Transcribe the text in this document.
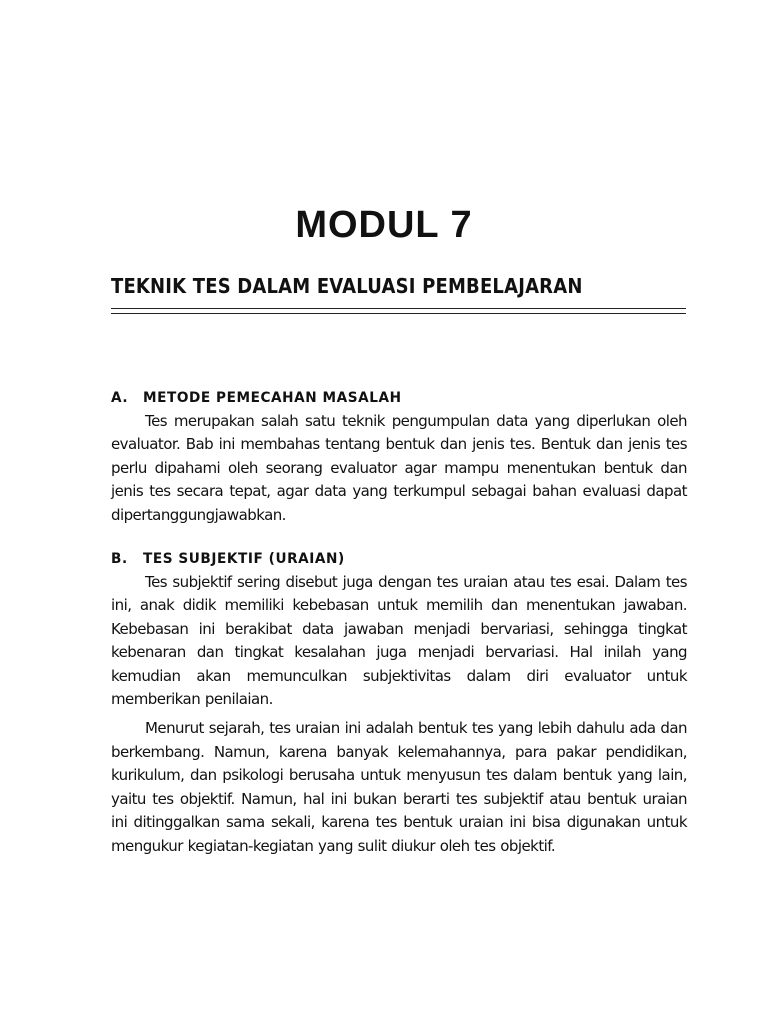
MODUL 7
TEKNIK TES DALAM EVALUASI PEMBELAJARAN
A.	METODE PEMECAHAN MASALAH

Tes merupakan salah satu teknik pengumpulan data yang diperlukan oleh evaluator. Bab ini membahas tentang bentuk dan jenis tes. Bentuk dan jenis tes perlu dipahami oleh seorang evaluator agar mampu menentukan bentuk dan jenis tes secara tepat, agar data yang terkumpul sebagai bahan evaluasi dapat dipertanggungjawabkan.

B.	TES SUBJEKTIF (URAIAN)

Tes subjektif sering disebut juga dengan tes uraian atau tes esai. Dalam tes ini, anak didik memiliki kebebasan untuk memilih dan menentukan jawaban. Kebebasan ini berakibat data jawaban menjadi bervariasi, sehingga tingkat kebenaran dan tingkat kesalahan juga menjadi bervariasi. Hal inilah yang kemudian akan memunculkan subjektivitas dalam diri evaluator untuk memberikan penilaian.

Menurut sejarah, tes uraian ini adalah bentuk tes yang lebih dahulu ada dan berkembang. Namun, karena banyak kelemahannya, para pakar pendidikan, kurikulum, dan psikologi berusaha untuk menyusun tes dalam bentuk yang lain, yaitu tes objektif. Namun, hal ini bukan berarti tes subjektif atau bentuk uraian ini ditinggalkan sama sekali, karena tes bentuk uraian ini bisa digunakan untuk mengukur kegiatan-kegiatan yang sulit diukur oleh tes objektif.
